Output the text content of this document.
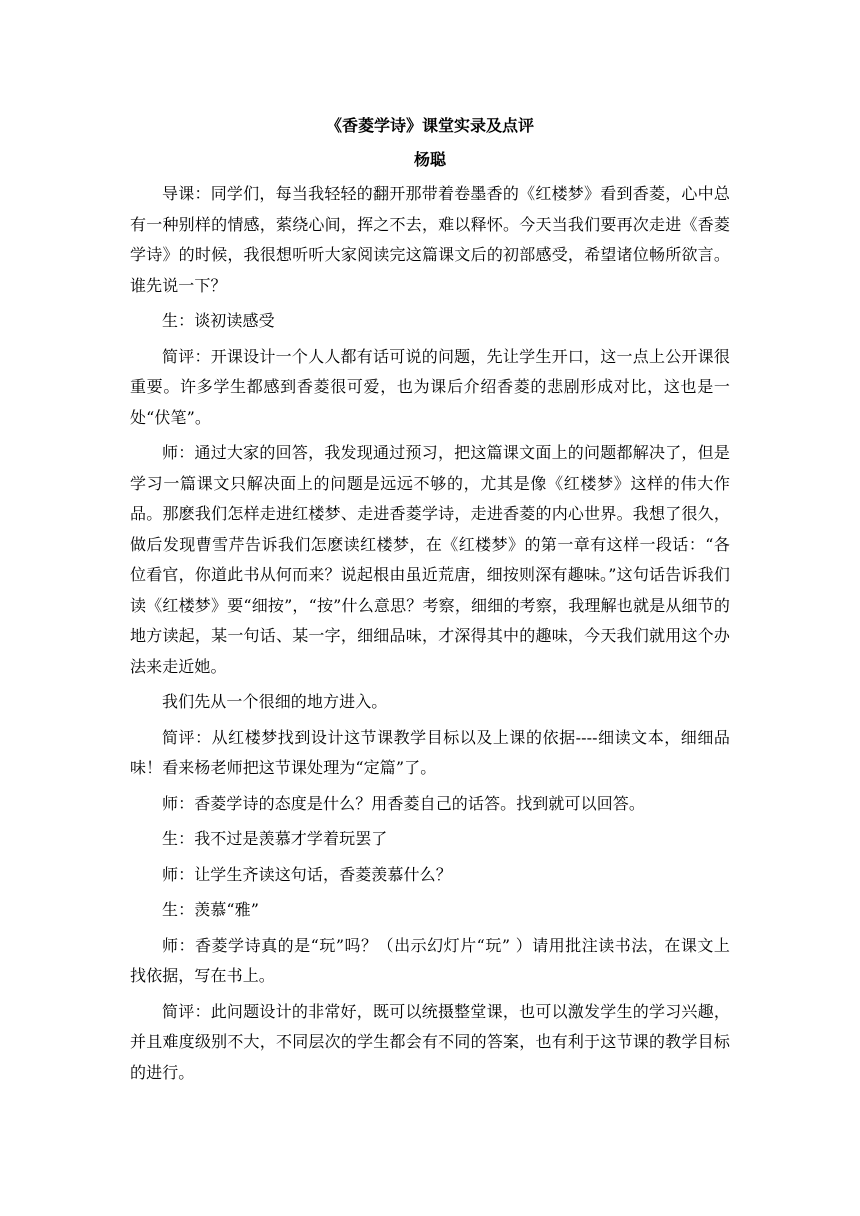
《香菱学诗》课堂实录及点评
杨聪

导课：同学们，每当我轻轻的翻开那带着卷墨香的《红楼梦》看到香菱，心中总有一种别样的情感，萦绕心间，挥之不去，难以释怀。今天当我们要再次走进《香菱学诗》的时候，我很想听听大家阅读完这篇课文后的初部感受，希望诸位畅所欲言。谁先说一下？

生：谈初读感受

简评：开课设计一个人人都有话可说的问题，先让学生开口，这一点上公开课很重要。许多学生都感到香菱很可爱，也为课后介绍香菱的悲剧形成对比，这也是一处“伏笔”。

师：通过大家的回答，我发现通过预习，把这篇课文面上的问题都解决了，但是学习一篇课文只解决面上的问题是远远不够的，尤其是像《红楼梦》这样的伟大作品。那麽我们怎样走进红楼梦、走进香菱学诗，走进香菱的内心世界。我想了很久，做后发现曹雪芹告诉我们怎麽读红楼梦，在《红楼梦》的第一章有这样一段话：“各位看官，你道此书从何而来？说起根由虽近荒唐，细按则深有趣味。”这句话告诉我们读《红楼梦》要“细按”，“按”什么意思？考察，细细的考察，我理解也就是从细节的地方读起，某一句话、某一字，细细品味，才深得其中的趣味，今天我们就用这个办法来走近她。

我们先从一个很细的地方进入。

简评：从红楼梦找到设计这节课教学目标以及上课的依据----细读文本，细细品味！看来杨老师把这节课处理为“定篇”了。

师：香菱学诗的态度是什么？用香菱自己的话答。找到就可以回答。

生：我不过是羡慕才学着玩罢了

师：让学生齐读这句话，香菱羡慕什么？

生：羡慕“雅”

师：香菱学诗真的是“玩”吗？（出示幻灯片“玩” ）请用批注读书法，在课文上找依据，写在书上。

简评：此问题设计的非常好，既可以统摄整堂课，也可以激发学生的学习兴趣，并且难度级别不大，不同层次的学生都会有不同的答案，也有利于这节课的教学目标的进行。
